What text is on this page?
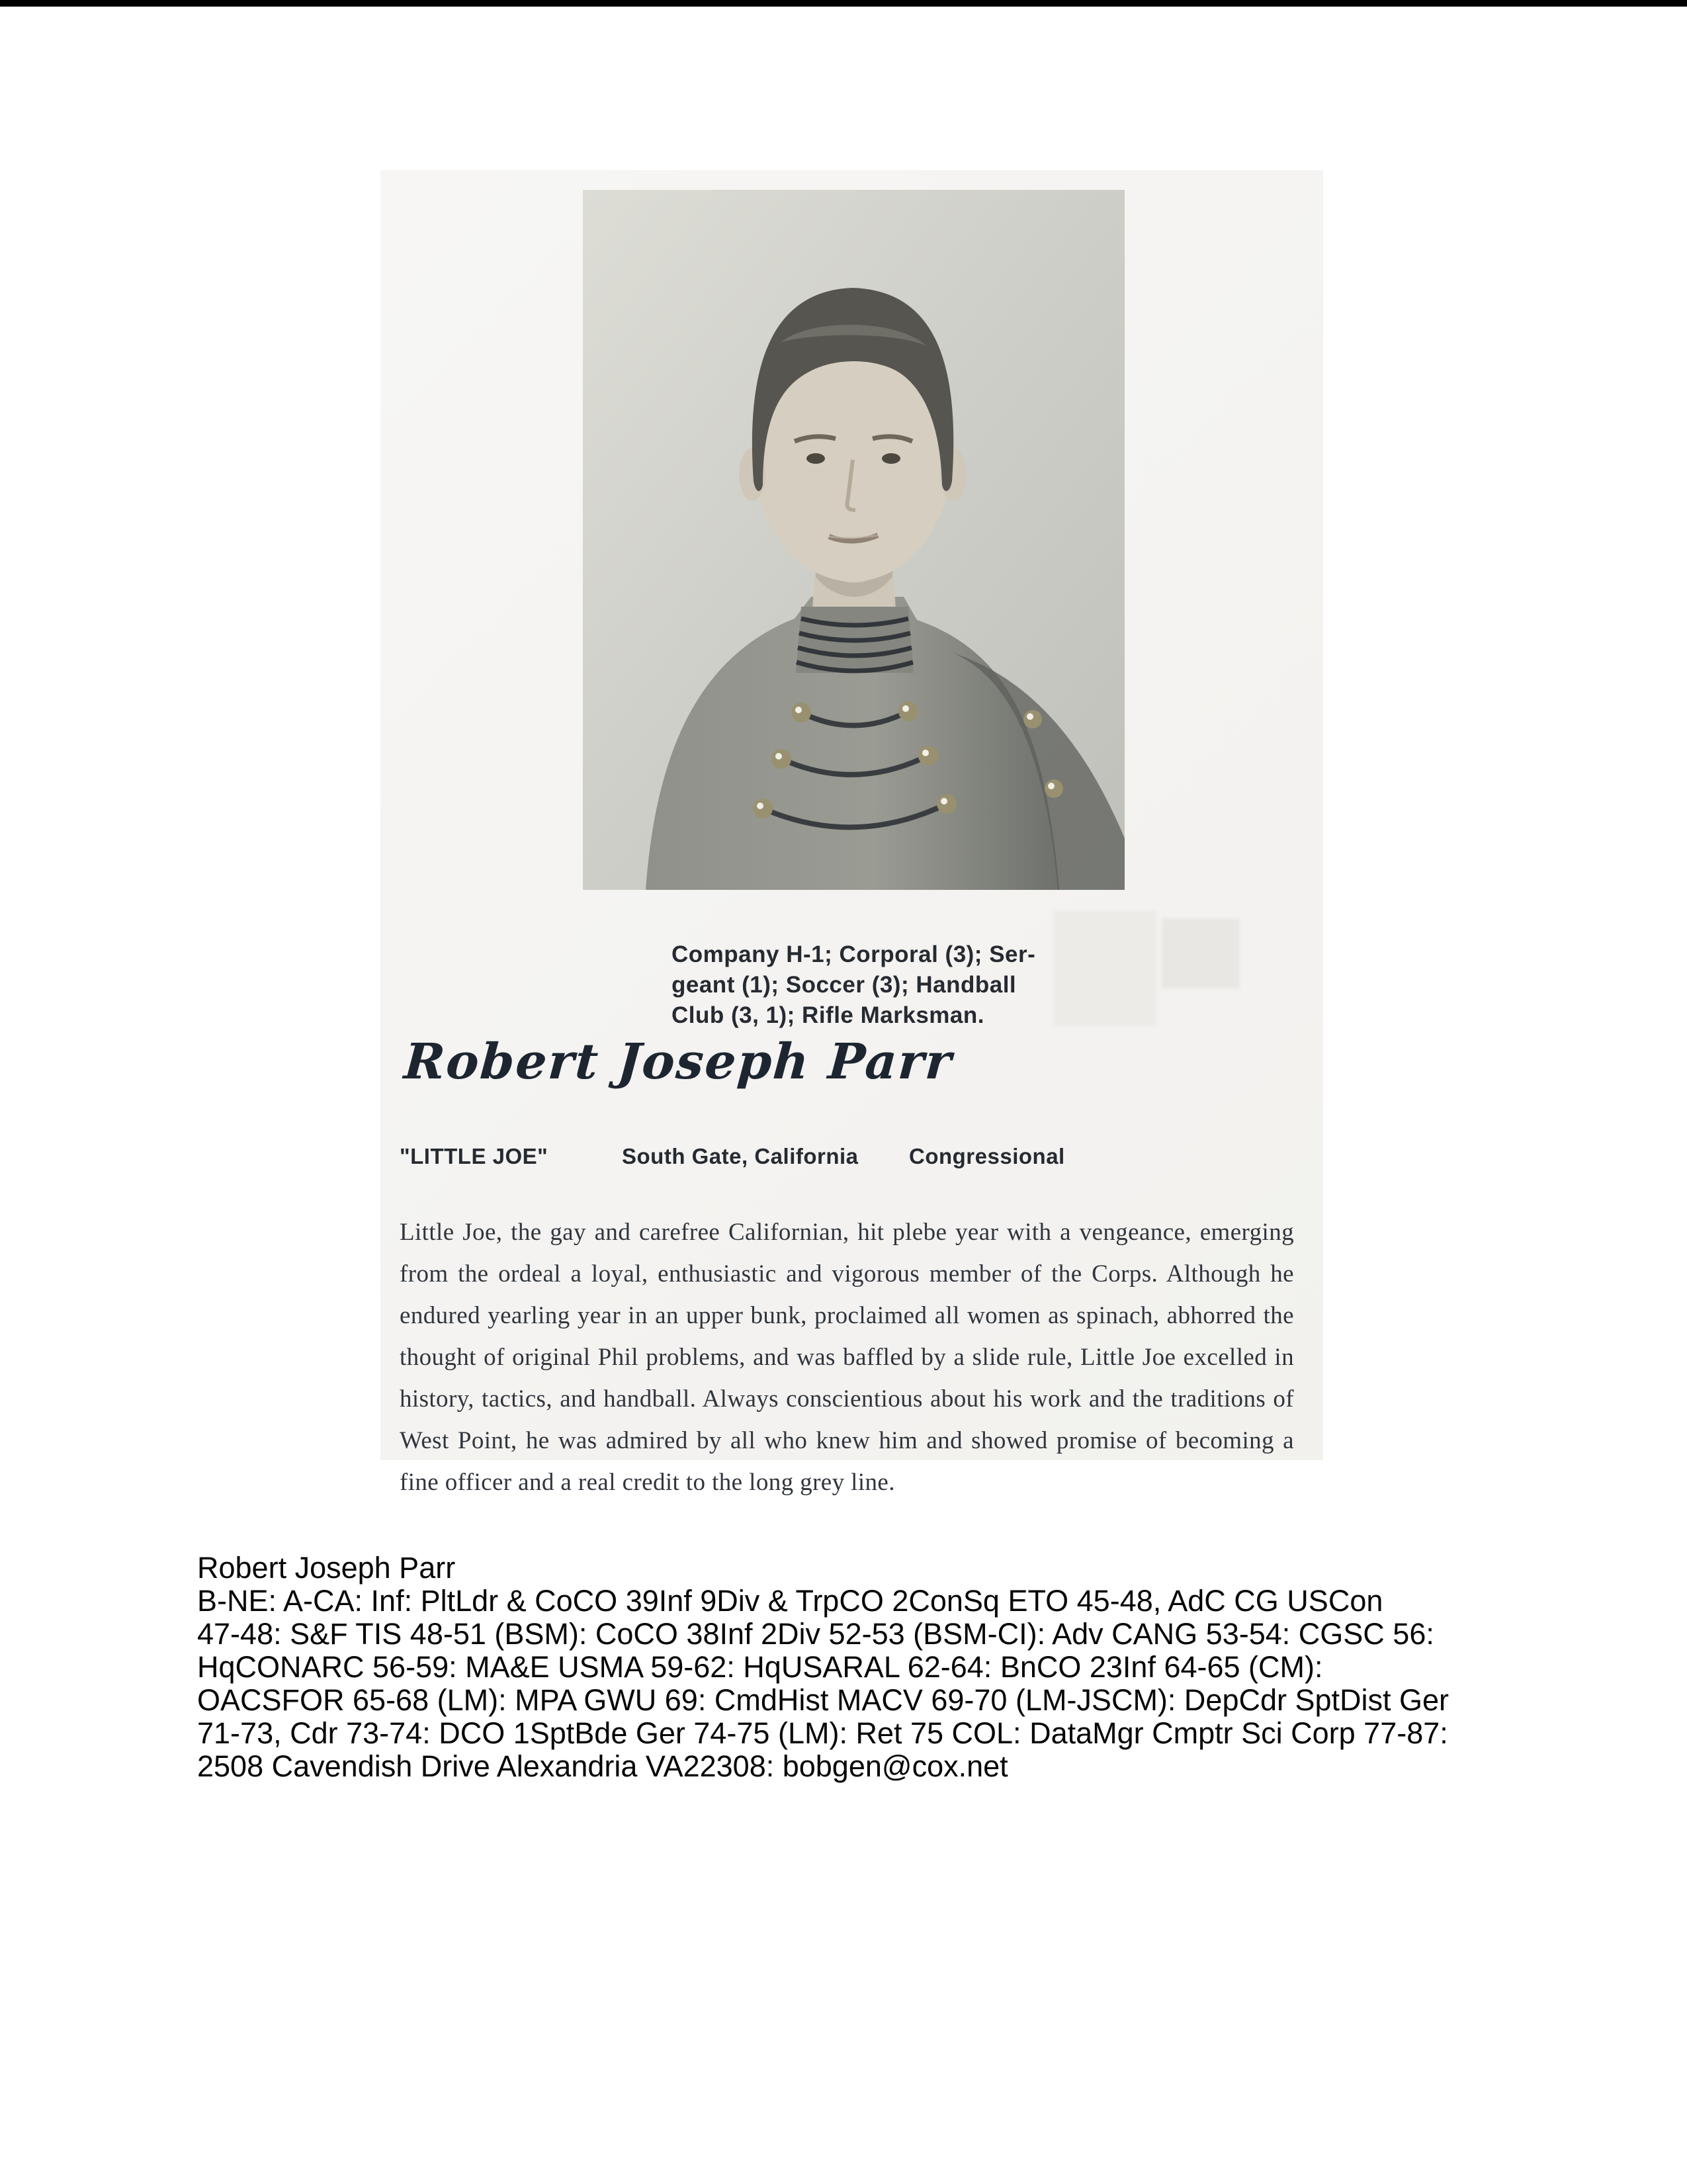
Company H-1; Corporal (3); Ser-
geant (1); Soccer (3); Handball
Club (3, 1); Rifle Marksman.
Robert Joseph Parr
"LITTLE JOE"	South Gate, California Congressional
Little Joe, the gay and carefree Californian, hit plebe year with a vengeance, emerging from the ordeal a loyal, enthusiastic and vigorous member of the Corps. Although he endured yearling year in an upper bunk, proclaimed all women as spinach, abhorred the thought of original Phil problems, and was baffled by a slide rule, Little Joe excelled in history, tactics, and handball. Always conscientious about his work and the traditions of West Point, he was admired by all who knew him and showed promise of becoming a fine officer and a real credit to the long grey line.
Robert Joseph Parr
B-NE: A-CA: Inf: PltLdr & CoCO 39Inf 9Div & TrpCO 2ConSq ETO 45-48, AdC CG USCon
47-48: S&F TIS 48-51 (BSM): CoCO 38Inf 2Div 52-53 (BSM-CI): Adv CANG 53-54: CGSC 56:
HqCONARC 56-59: MA&E USMA 59-62: HqUSARAL 62-64: BnCO 23Inf 64-65 (CM):
OACSFOR 65-68 (LM): MPA GWU 69: CmdHist MACV 69-70 (LM-JSCM): DepCdr SptDist Ger
71-73, Cdr 73-74: DCO 1SptBde Ger 74-75 (LM): Ret 75 COL: DataMgr Cmptr Sci Corp 77-87:
2508 Cavendish Drive Alexandria VA22308: bobgen@cox.net
